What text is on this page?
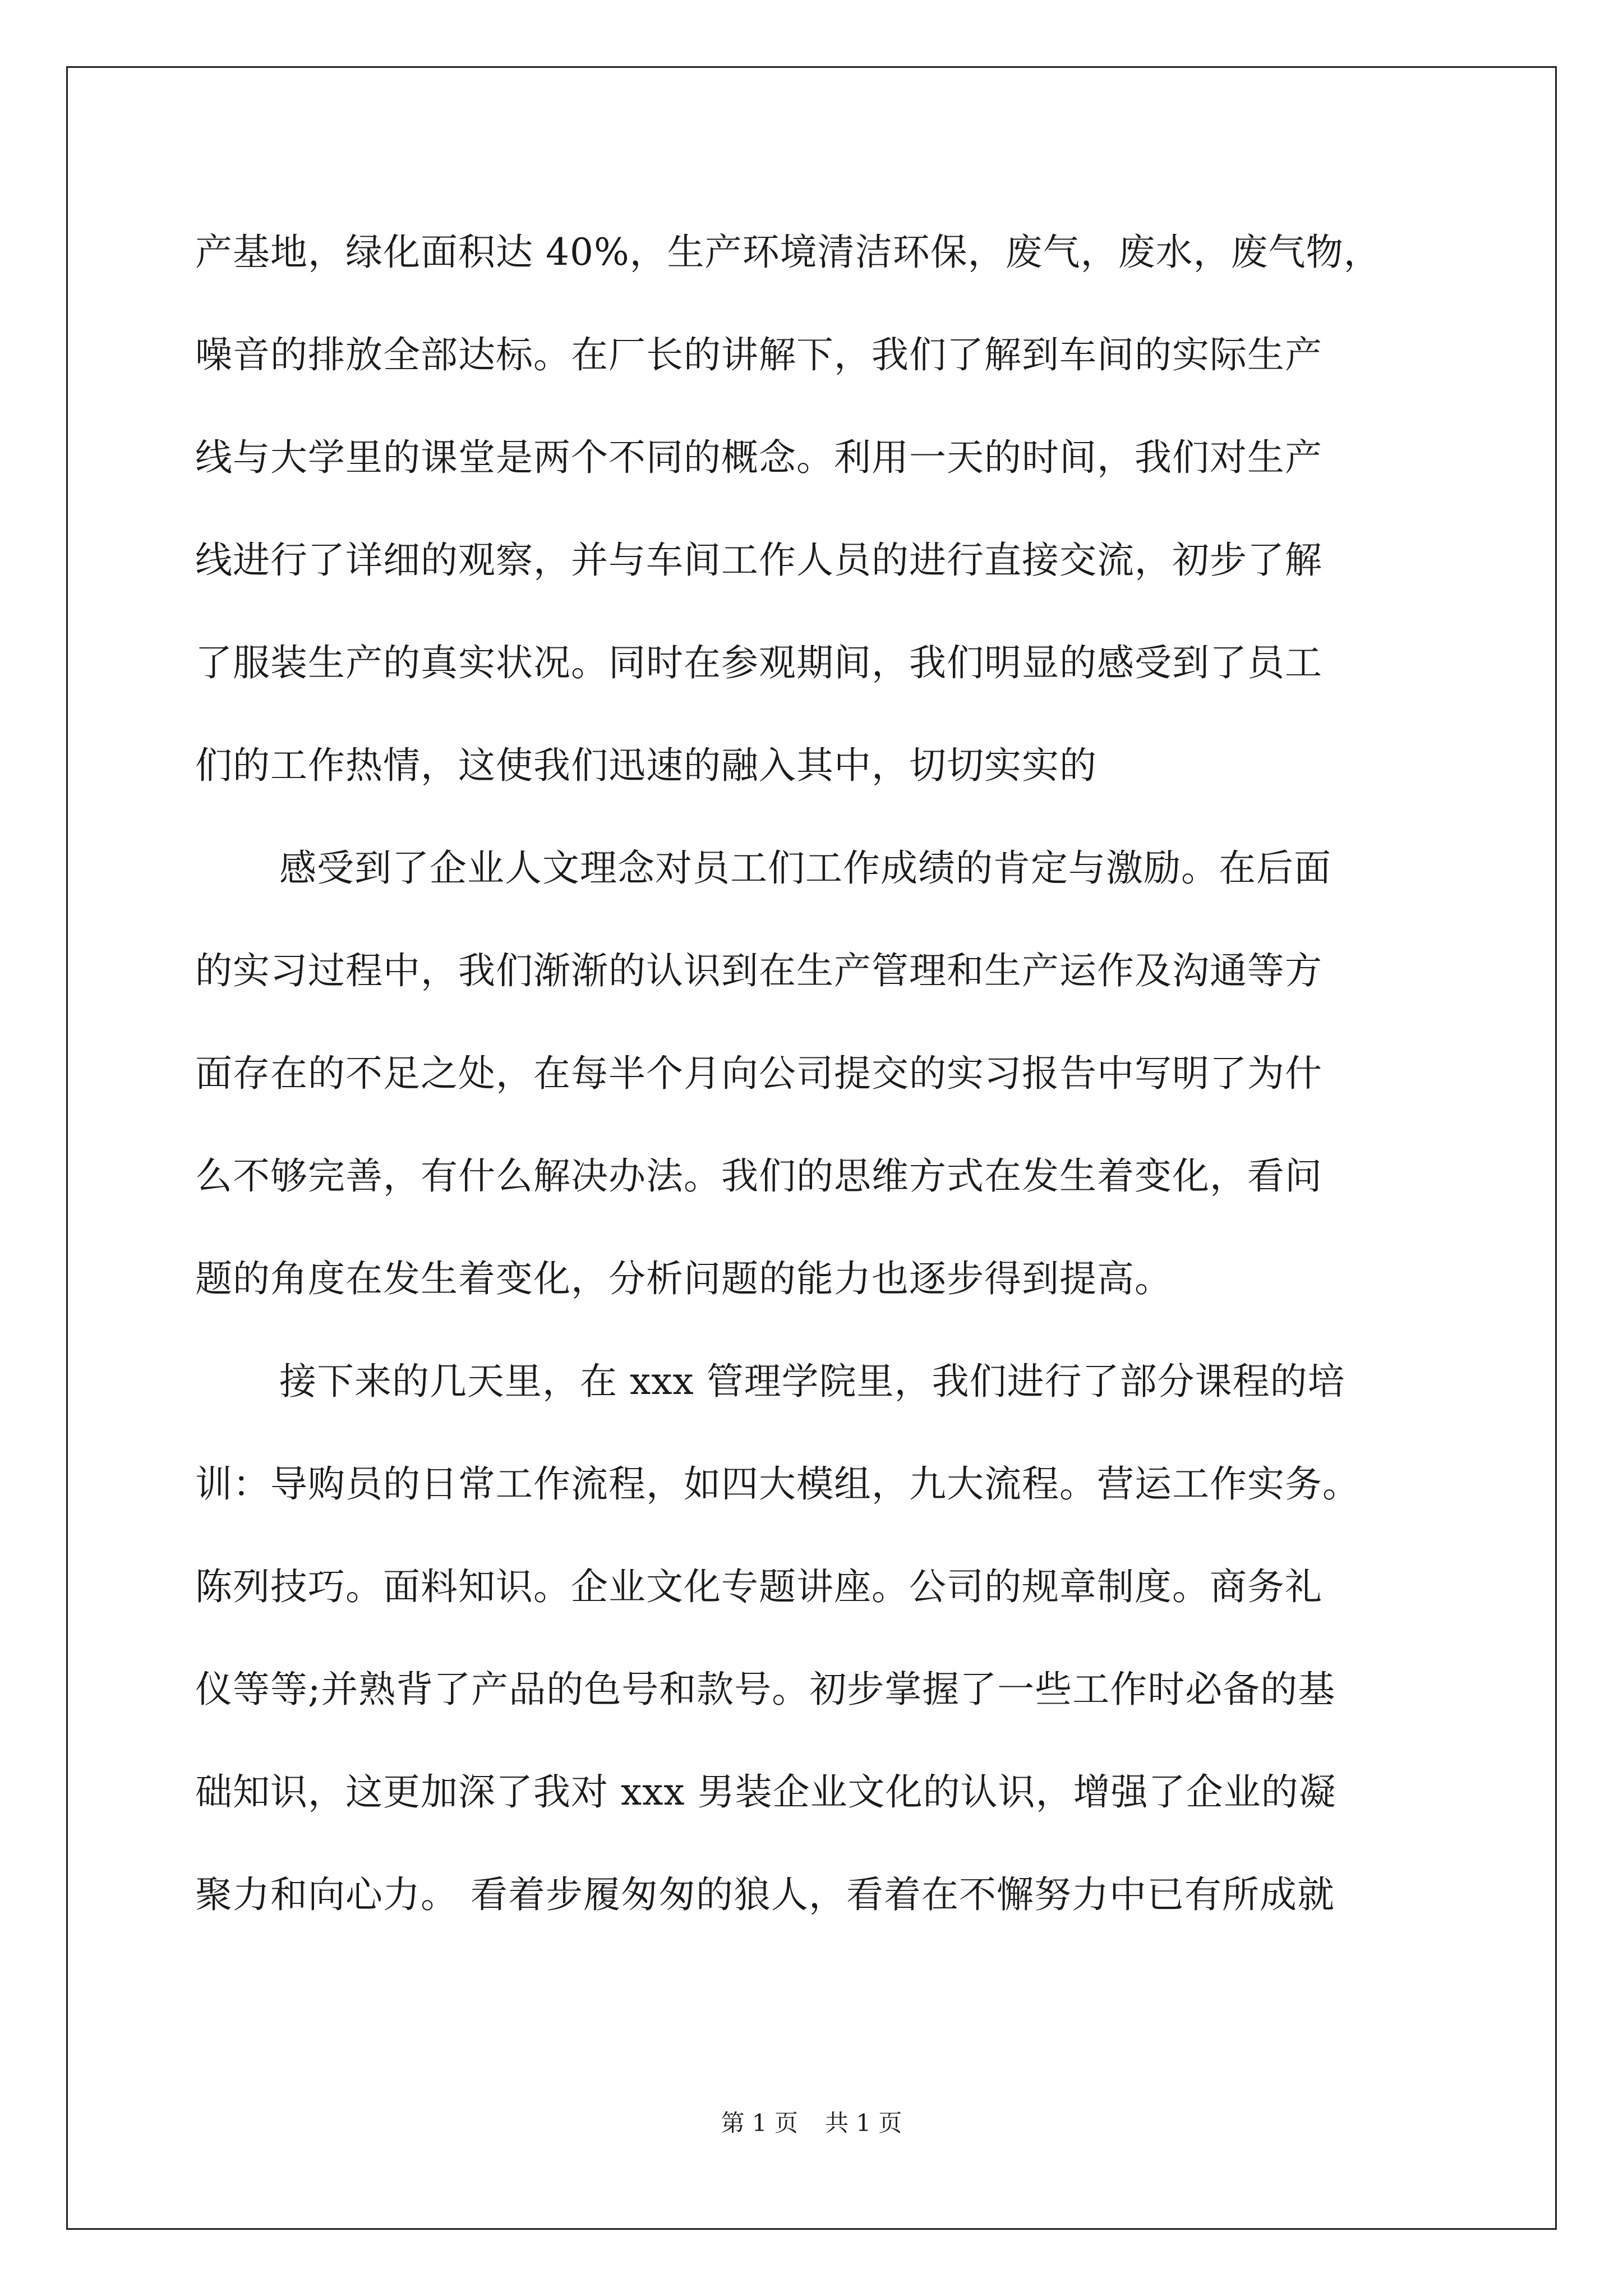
产基地，绿化面积达 40%，生产环境清洁环保，废气，废水，废气物，
噪音的排放全部达标。在厂长的讲解下，我们了解到车间的实际生产
线与大学里的课堂是两个不同的概念。利用一天的时间，我们对生产
线进行了详细的观察，并与车间工作人员的进行直接交流，初步了解
了服装生产的真实状况。同时在参观期间，我们明显的感受到了员工
们的工作热情，这使我们迅速的融入其中，切切实实的
感受到了企业人文理念对员工们工作成绩的肯定与激励。在后面
的实习过程中，我们渐渐的认识到在生产管理和生产运作及沟通等方
面存在的不足之处，在每半个月向公司提交的实习报告中写明了为什
么不够完善，有什么解决办法。我们的思维方式在发生着变化，看问
题的角度在发生着变化，分析问题的能力也逐步得到提高。
接下来的几天里，在 xxx 管理学院里，我们进行了部分课程的培
训：导购员的日常工作流程，如四大模组，九大流程。营运工作实务。
陈列技巧。面料知识。企业文化专题讲座。公司的规章制度。商务礼
仪等等;并熟背了产品的色号和款号。初步掌握了一些工作时必备的基
础知识，这更加深了我对 xxx 男装企业文化的认识，增强了企业的凝
聚力和向心力。 看着步履匆匆的狼人，看着在不懈努力中已有所成就
第 1 页 共 1 页
